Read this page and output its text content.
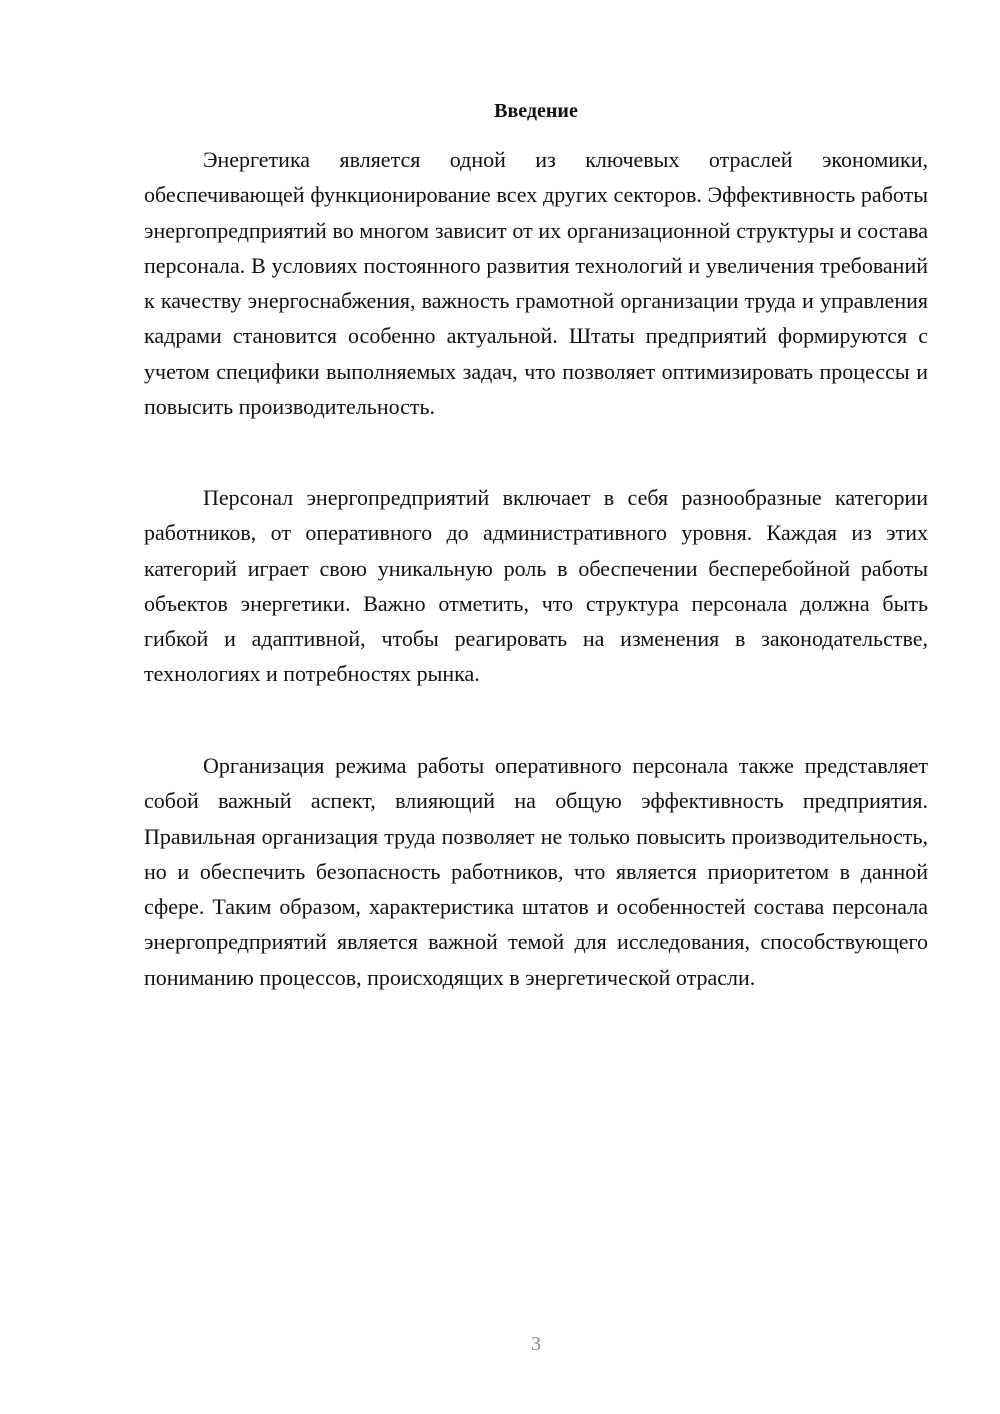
Введение

Энергетика является одной из ключевых отраслей экономики, обеспечивающей функционирование всех других секторов. Эффективность работы энергопредприятий во многом зависит от их организационной структуры и состава персонала. В условиях постоянного развития технологий и увеличения требований к качеству энергоснабжения, важность грамотной организации труда и управления кадрами становится особенно актуальной. Штаты предприятий формируются с учетом специфики выполняемых задач, что позволяет оптимизировать процессы и повысить производительность.

Персонал энергопредприятий включает в себя разнообразные категории работников, от оперативного до административного уровня. Каждая из этих категорий играет свою уникальную роль в обеспечении бесперебойной работы объектов энергетики. Важно отметить, что структура персонала должна быть гибкой и адаптивной, чтобы реагировать на изменения в законодательстве, технологиях и потребностях рынка.

Организация режима работы оперативного персонала также представляет собой важный аспект, влияющий на общую эффективность предприятия. Правильная организация труда позволяет не только повысить производительность, но и обеспечить безопасность работников, что является приоритетом в данной сфере. Таким образом, характеристика штатов и особенностей состава персонала энергопредприятий является важной темой для исследования, способствующего пониманию процессов, происходящих в энергетической отрасли.

3
